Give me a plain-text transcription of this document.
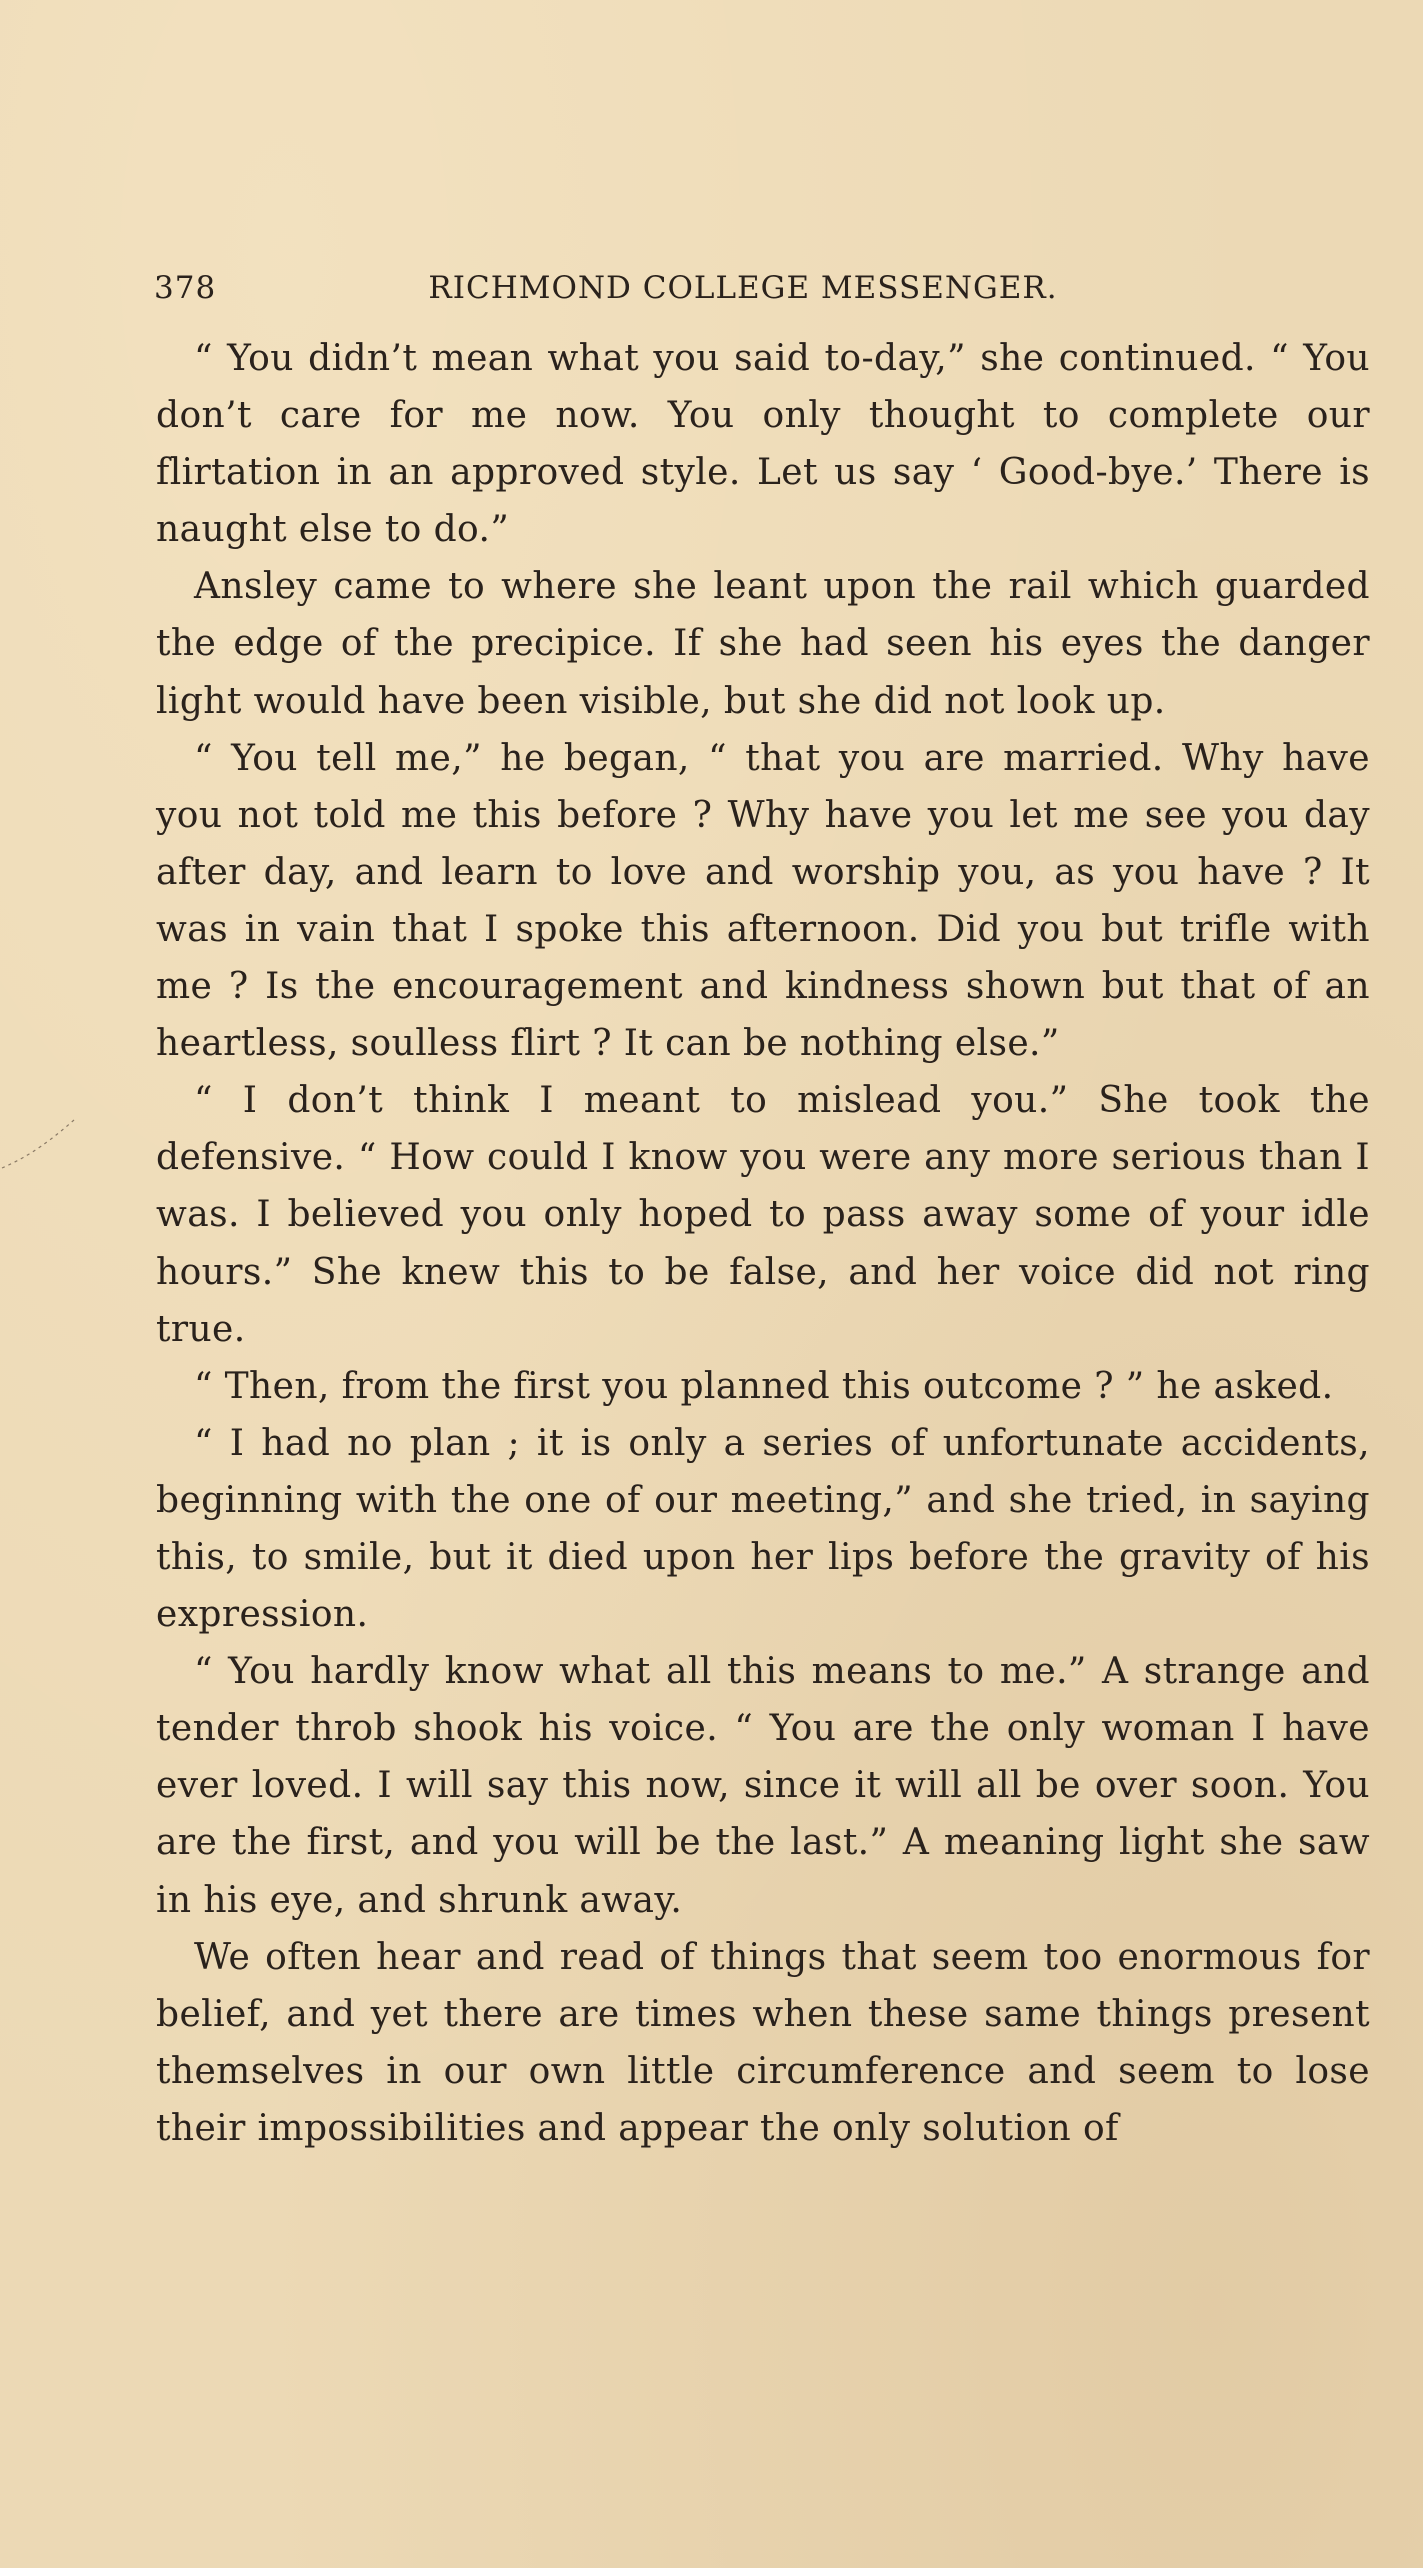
378	RICHMOND COLLEGE MESSENGER.

“ You didn’t mean what you said to-day,” she continued. “ You don’t care for me now. You only thought to complete our flirtation in an approved style. Let us say ‘ Good-bye.’ There is naught else to do.”

Ansley came to where she leant upon the rail which guarded the edge of the precipice. If she had seen his eyes the danger light would have been visible, but she did not look up.

“ You tell me,” he began, “ that you are married. Why have you not told me this before ? Why have you let me see you day after day, and learn to love and worship you, as you have ? It was in vain that I spoke this afternoon. Did you but trifle with me ? Is the encouragement and kindness shown but that of an heartless, soulless flirt ? It can be nothing else.”

“ I don’t think I meant to mislead you.” She took the defensive. “ How could I know you were any more serious than I was. I believed you only hoped to pass away some of your idle hours.” She knew this to be false, and her voice did not ring true.

“ Then, from the first you planned this outcome ? ” he asked.

“ I had no plan ; it is only a series of unfortunate accidents, beginning with the one of our meeting,” and she tried, in saying this, to smile, but it died upon her lips before the gravity of his expression.

“ You hardly know what all this means to me.” A strange and tender throb shook his voice. “ You are the only woman I have ever loved. I will say this now, since it will all be over soon. You are the first, and you will be the last.” A meaning light she saw in his eye, and shrunk away.

We often hear and read of things that seem too enormous for belief, and yet there are times when these same things present themselves in our own little circumference and seem to lose their impossibilities and appear the only solution of
